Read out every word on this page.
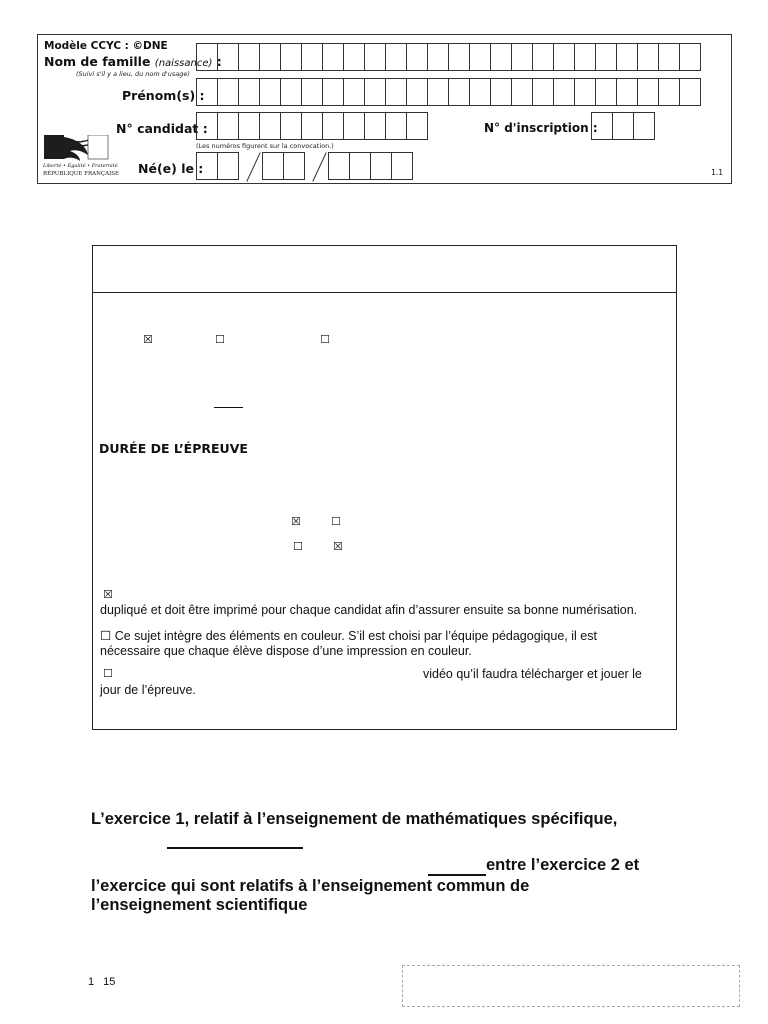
Modèle CCYC : ©DNE
Nom de famille (naissance) :
(Suivi s'il y a lieu, du nom d'usage)
Prénom(s) :
N° candidat :
(Les numéros figurent sur la convocation.)
N° d'inscription :
Né(e) le :
Liberté • Égalité • Fraternité
RÉPUBLIQUE FRANÇAISE	1.1
☒	☐	☐
DURÉE DE L’ÉPREUVE
☒	☐
☐	☒
☒
dupliqué et doit être imprimé pour chaque candidat afin d’assurer ensuite sa bonne numérisation.
☐ Ce sujet intègre des éléments en couleur. S’il est choisi par l’équipe pédagogique, il est
nécessaire que chaque élève dispose d’une impression en couleur.
☐	vidéo qu’il faudra télécharger et jouer le
jour de l’épreuve.
L’exercice 1, relatif à l’enseignement de mathématiques spécifique,
entre l’exercice 2 et
l’exercice qui sont relatifs à l’enseignement commun de
l’enseignement scientifique
1 15
